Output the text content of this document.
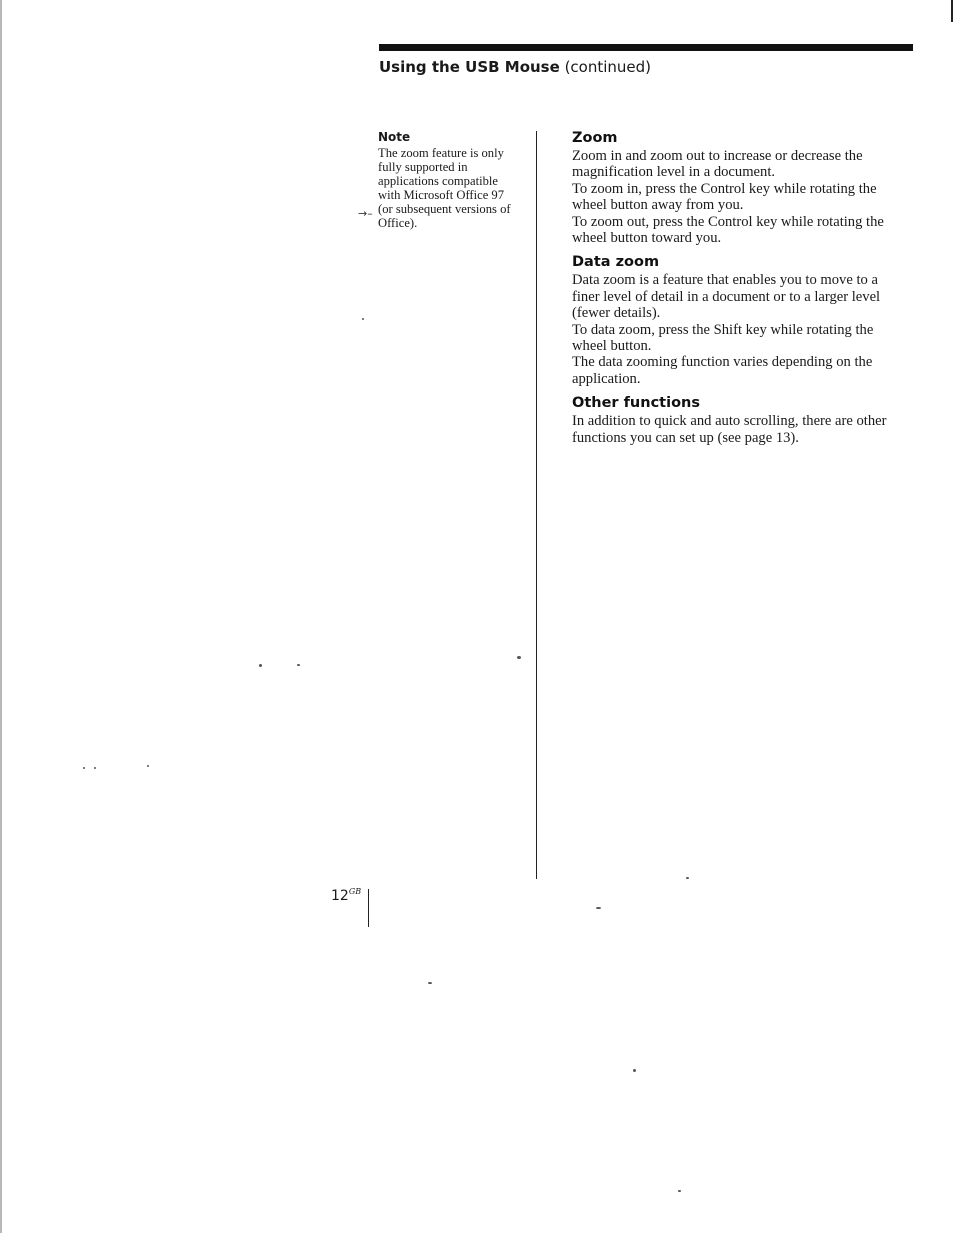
Using the USB Mouse (continued)
Note

The zoom feature is only
fully supported in
applications compatible
with Microsoft Office 97
(or subsequent versions of
Office).

→–
Zoom

Zoom in and zoom out to increase or decrease the
magnification level in a document.

To zoom in, press the Control key while rotating the
wheel button away from you.

To zoom out, press the Control key while rotating the
wheel button toward you.

Data zoom

Data zoom is a feature that enables you to move to a
finer level of detail in a document or to a larger level
(fewer details).

To data zoom, press the Shift key while rotating the
wheel button.

The data zooming function varies depending on the
application.

Other functions

In addition to quick and auto scrolling, there are other
functions you can set up (see page 13).

$12^{GB}$
